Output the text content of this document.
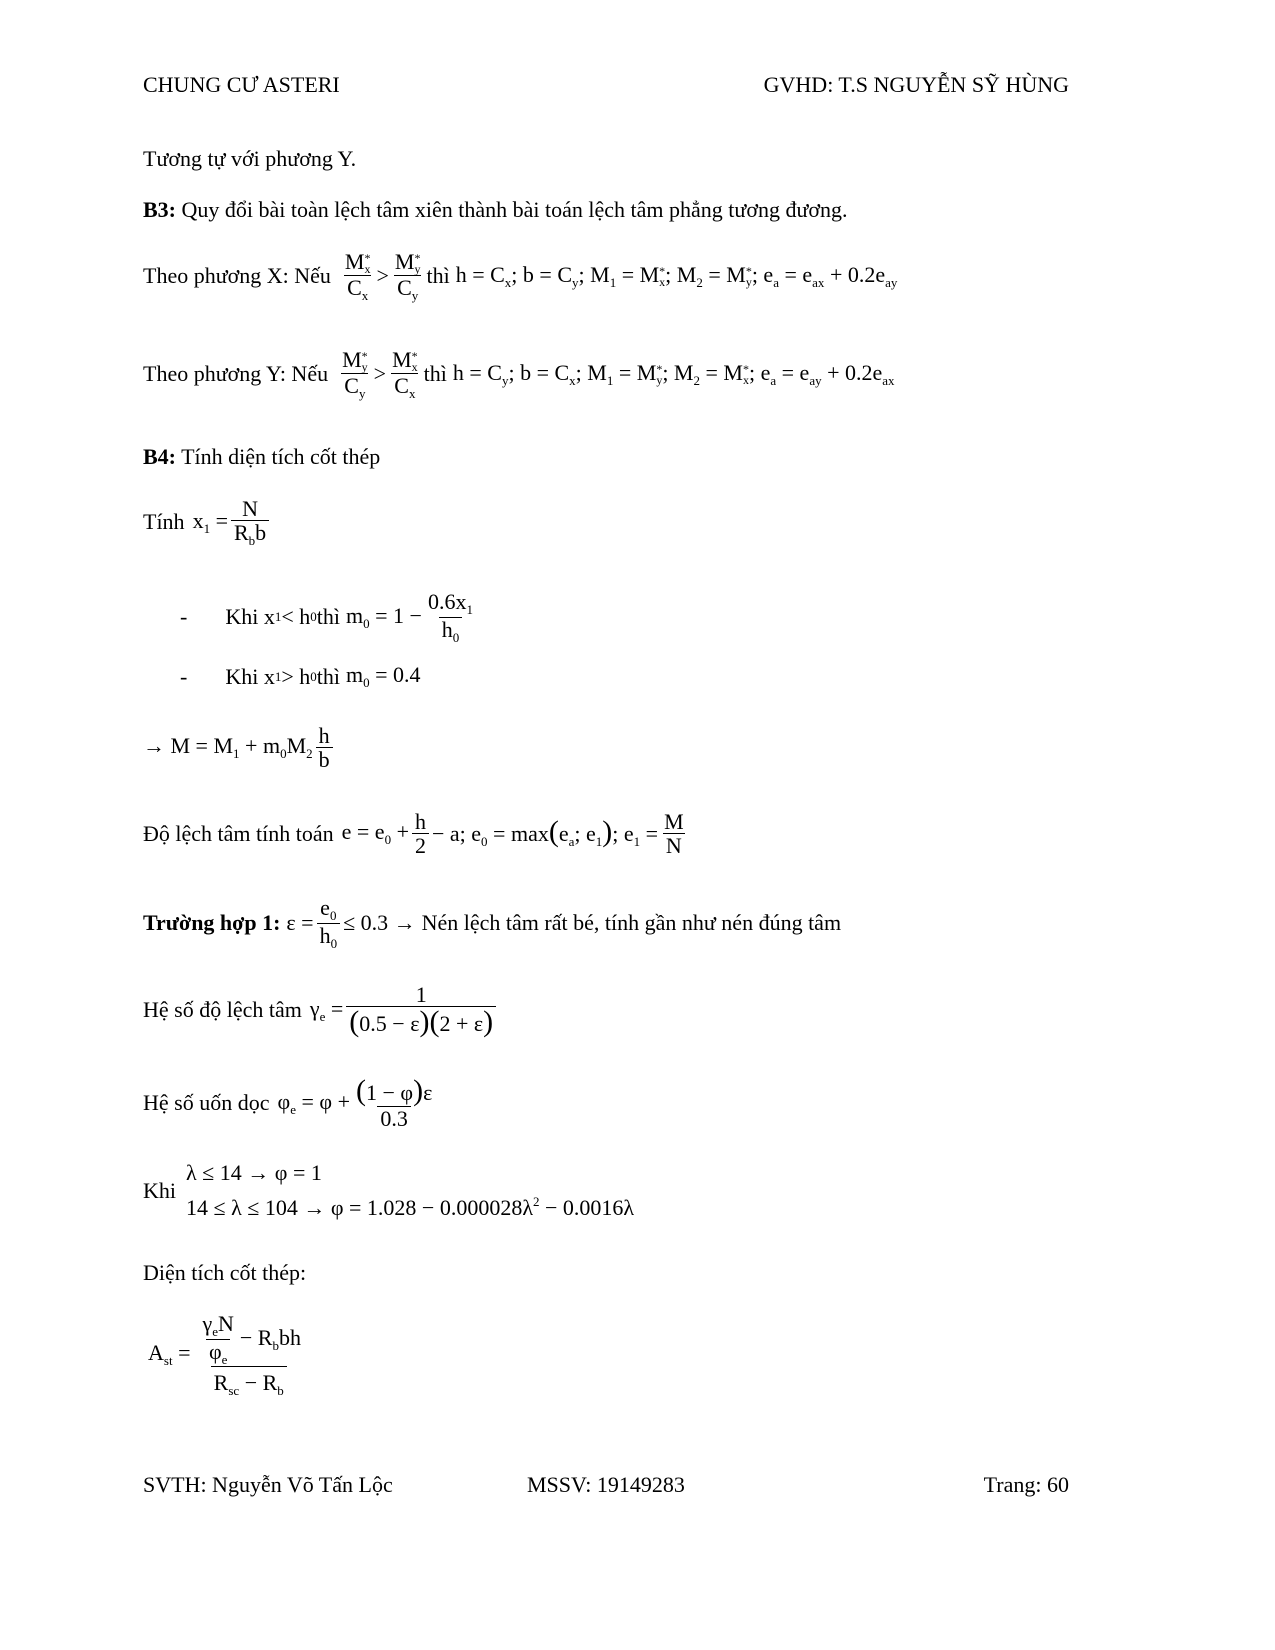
CHUNG CƯ ASTERI	GVHD: T.S NGUYỄN SỸ HÙNG
Tương tự với phương Y.
B3: Quy đổi bài toàn lệch tâm xiên thành bài toán lệch tâm phẳng tương đương.
Theo phương X: Nếu M *
x
$C_x > M$ *
y
$C_y$ thì $h = C_x$; $b = C_y$; $M_1 = M$ *
x ; $M_2 = M$ *
y ; $e_a = e_{ax} + 0.2e_{ay}$
Theo phương Y: Nếu M *
y
$C_y > M$ *
x
$C_x$ thì $h = C_y$; $b = C_x$; $M_1 = M$ *
y ; $M_2 = M$ *
x ; $e_a = e_{ay} + 0.2e_{ax}$
B4: Tính diện tích cốt thép
Tính $x_1 = \frac{N}{R_bb}$
- Khi x 1 < h 0 thì $m_0 = 1 - \frac{0.6x_1}{h_0}$
- Khi x 1 > h 0 thì $m_0 = 0.4$
→ $M = M_1 + m_0M_2 \frac{h}{b}$
Độ lệch tâm tính toán $e = e_0 + \frac{h}{2} - a$; $e_0 = \max(e_a$; $e_1$); $e_1 = \frac{M}{N}$
Trường hợp 1: $\varepsilon = \frac{e_0}{h_0} \le 0.3$ → Nén lệch tâm rất bé, tính gần như nén đúng tâm
Hệ số độ lệch tâm $\gamma_e = \frac{1}{(0.5 - \varepsilon)(2 + \varepsilon)}$
Hệ số uốn dọc $\varphi_e = \varphi + \frac{(1 - \varphi)\varepsilon}{0.3}$
Khi
λ ≤ 14 → φ = 1
$14 \le \lambda \le 104 \to \varphi = 1.028 - 0.000028\lambda^2 - 0.0016\lambda$
Diện tích cốt thép:
$A_{st} = \frac{\frac{\gamma_eN}{\varphi_e} - R_bbh}{R_{sc} - R_b}$
SVTH: Nguyễn Võ Tấn Lộc	MSSV: 19149283	Trang: 60
